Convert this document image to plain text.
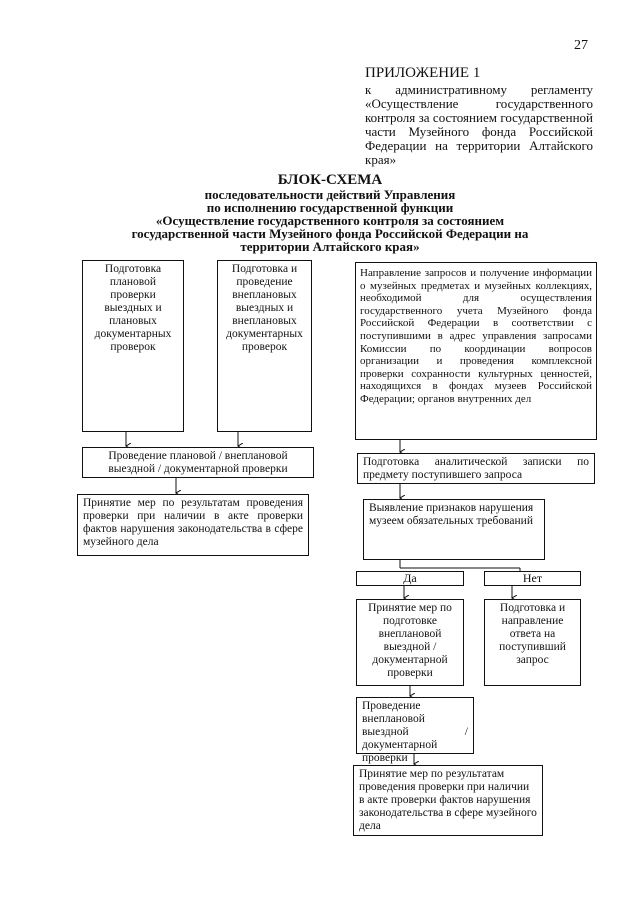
27
ПРИЛОЖЕНИЕ 1
к административному регламенту «Осуществление государственного контроля за состоянием государственной части Музейного фонда Российской Федерации на территории Алтайского края»
БЛОК-СХЕМА
последовательности действий Управления
по исполнению государственной функции
«Осуществление государственного контроля за состоянием
государственной части Музейного фонда Российской Федерации на
территории Алтайского края»
Подготовка плановой проверки выездных и плановых документарных проверок
Подготовка и проведение внеплановых выездных и внеплановых документарных проверок
Направление запросов и получение информации о музейных предметах и музейных коллекциях, необходимой для осуществления государственного учета Музейного фонда Российской Федерации в соответствии с поступившими в адрес управления запросами Комиссии по координации вопросов организации и проведения комплексной проверки сохранности культурных ценностей, находящихся в фондах музеев Российской Федерации; органов внутренних дел
Проведение плановой / внеплановой выездной / документарной проверки
Подготовка аналитической записки по предмету поступившего запроса
Принятие мер по результатам проведения проверки при наличии в акте проверки фактов нарушения законодательства в сфере музейного дела
Выявление признаков нарушения музеем обязательных требований
Да	Нет
Принятие мер по подготовке внеплановой выездной / документарной проверки
Подготовка и направление ответа на поступивший запрос
Проведение внеплановой выездной / документарной проверки
Принятие мер по результатам проведения проверки при наличии в акте проверки фактов нарушения законодательства в сфере музейного дела
